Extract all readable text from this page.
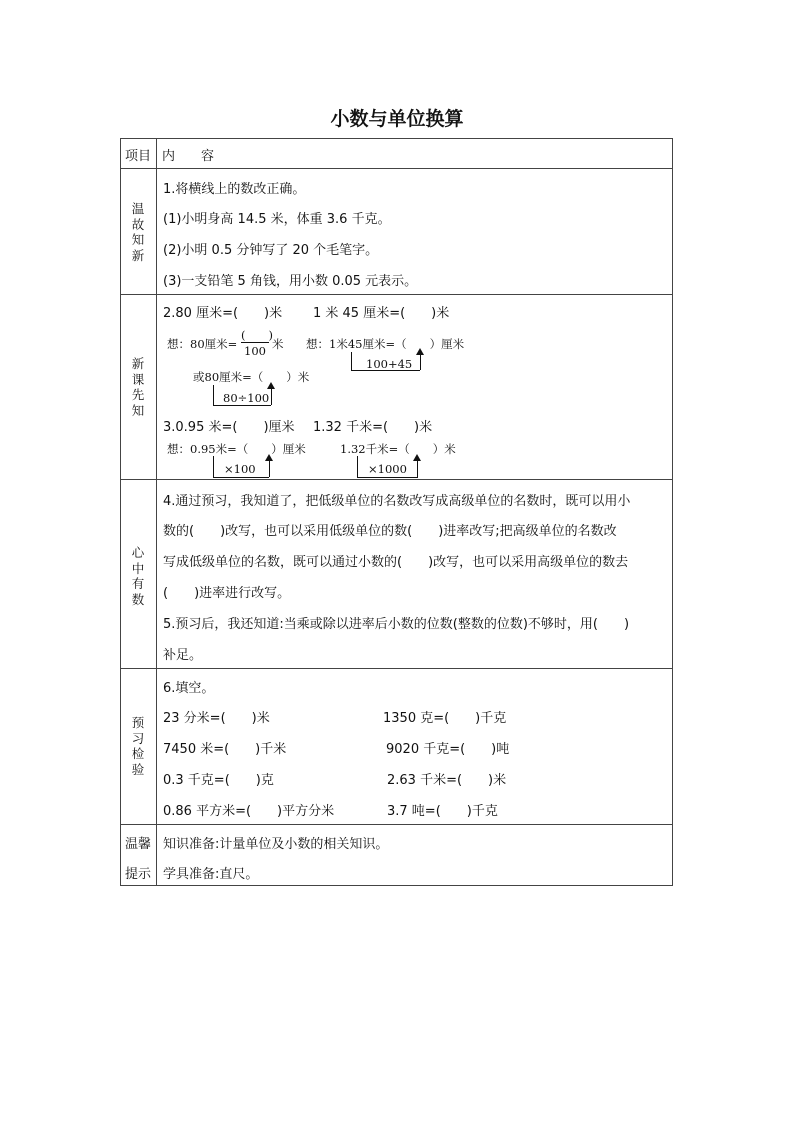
小数与单位换算
项目 内　　容
温
故
知
新
1.将横线上的数改正确。
(1)小明身高 14.5 米，体重 3.6 千克。
(2)小明 0.5 分钟写了 20 个毛笔字。
(3)一支铅笔 5 角钱，用小数 0.05 元表示。
新
课
先
知
2.80 厘米=(　　)米 1 米 45 厘米=(　　)米
想：80厘米=
(　　)
100 米 想：1米45厘米=（　　）厘米
100+45
或80厘米=（　　）米
80÷100
3.0.95 米=(　　)厘米 1.32 千米=(　　)米
想：0.95米=（　　）厘米
×100
1.32千米=（　　）米
×1000
心
中
有
数
4.通过预习，我知道了，把低级单位的名数改写成高级单位的名数时，既可以用小
数的(　　)改写，也可以采用低级单位的数(　　)进率改写;把高级单位的名数改
写成低级单位的名数，既可以通过小数的(　　)改写，也可以采用高级单位的数去
(　　)进率进行改写。
5.预习后，我还知道:当乘或除以进率后小数的位数(整数的位数)不够时，用(　　)
补足。
预
习
检
验
6.填空。
23 分米=(　　)米
7450 米=(　　)千米
0.3 千克=(　　)克
0.86 平方米=(　　)平方分米
1350 克=(　　)千克
9020 千克=(　　)吨
2.63 千米=(　　)米
3.7 吨=(　　)千克
温馨
提示
知识准备:计量单位及小数的相关知识。
学具准备:直尺。
